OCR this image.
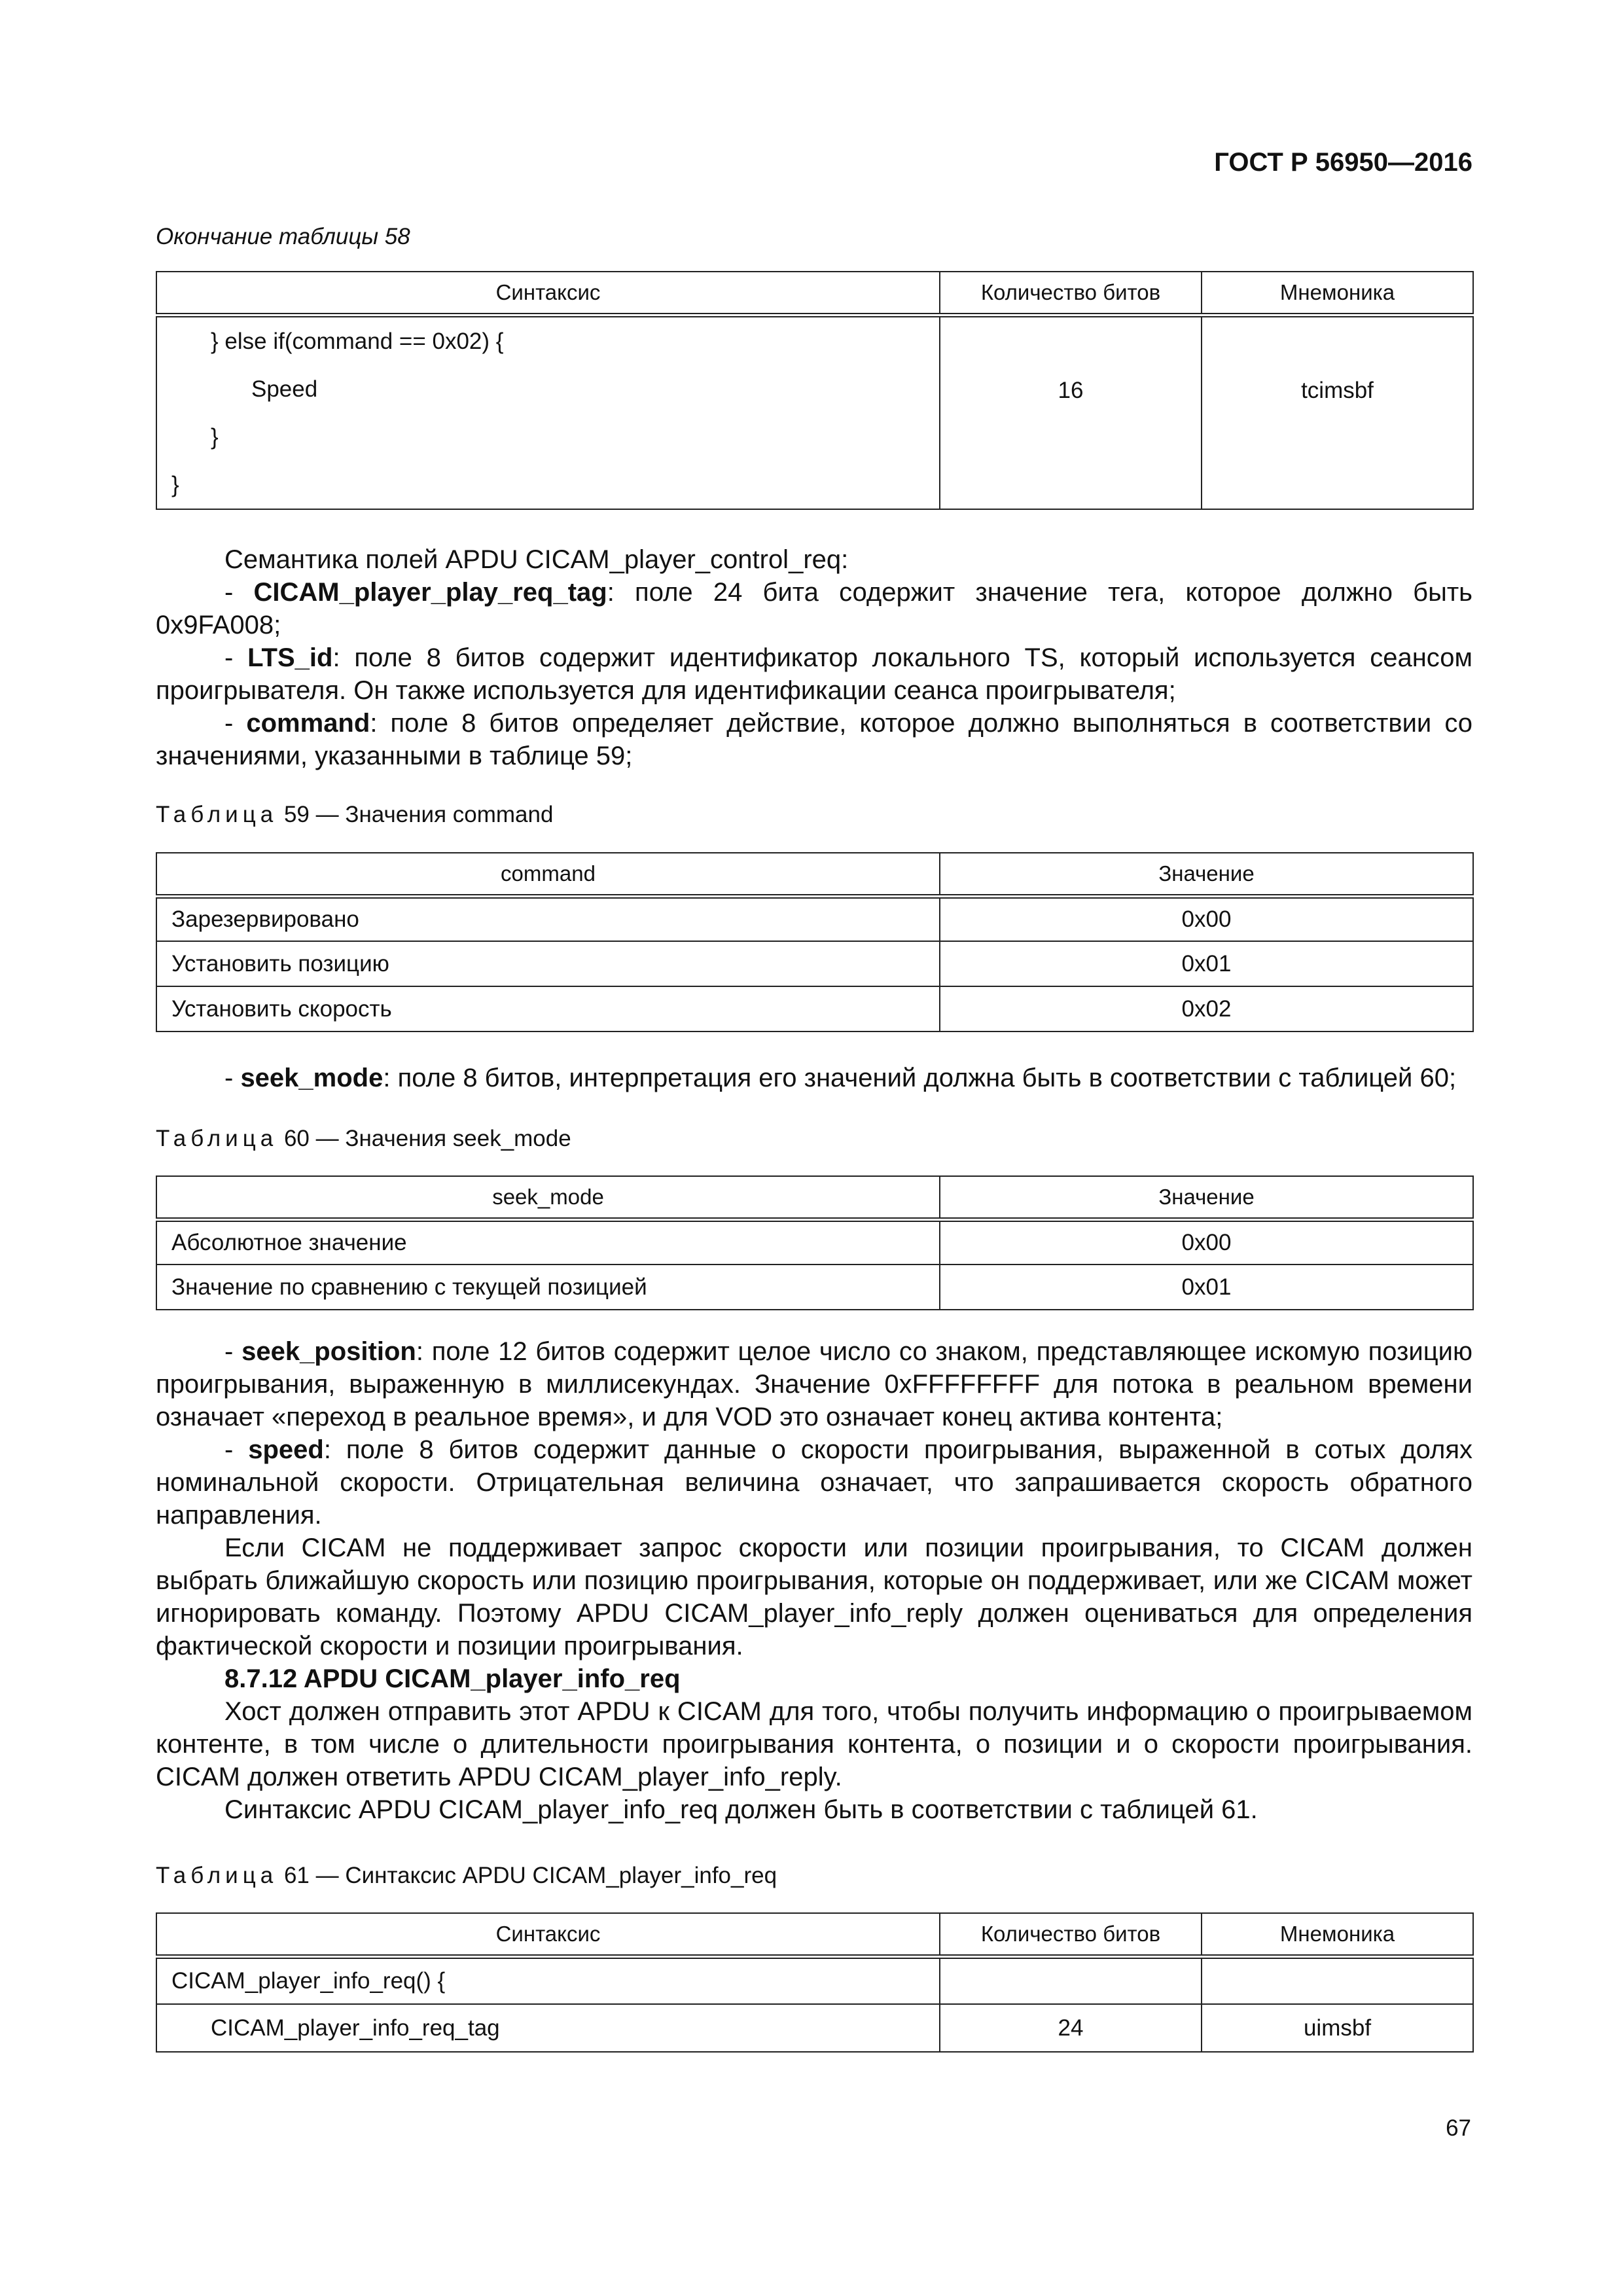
ГОСТ Р 56950—2016
Окончание таблицы 58
Синтаксис	Количество битов	Мнемоника

} else if(command == 0x02) {
Speed
}
}	16	tcimsbf

Семантика полей APDU CICAM_player_control_req:

- CICAM_player_play_req_tag: поле 24 бита содержит значение тега, которое должно быть 0x9FA008;

- LTS_id: поле 8 битов содержит идентификатор локального TS, который используется сеансом проигрывателя. Он также используется для идентификации сеанса проигрывателя;

- command: поле 8 битов определяет действие, которое должно выполняться в соответствии со значениями, указанными в таблице 59;

Таблица 59 — Значения command
command	Значение
Зарезервировано	0x00
Установить позицию	0x01
Установить скорость	0x02

- seek_mode: поле 8 битов, интерпретация его значений должна быть в соответствии с таблицей 60;

Таблица 60 — Значения seek_mode
seek_mode	Значение
Абсолютное значение	0x00
Значение по сравнению с текущей позицией	0x01

- seek_position: поле 12 битов содержит целое число со знаком, представляющее искомую позицию проигрывания, выраженную в миллисекундах. Значение 0xFFFFFFFF для потока в реальном времени означает «переход в реальное время», и для VOD это означает конец актива контента;

- speed: поле 8 битов содержит данные о скорости проигрывания, выраженной в сотых долях номинальной скорости. Отрицательная величина означает, что запрашивается скорость обратного направления.

Если CICAM не поддерживает запрос скорости или позиции проигрывания, то CICAM должен выбрать ближайшую скорость или позицию проигрывания, которые он поддерживает, или же CICAM может игнорировать команду. Поэтому APDU CICAM_player_info_reply должен оцениваться для определения фактической скорости и позиции проигрывания.

8.7.12 APDU CICAM_player_info_req

Хост должен отправить этот APDU к CICAM для того, чтобы получить информацию о проигрываемом контенте, в том числе о длительности проигрывания контента, о позиции и о скорости проигрывания. CICAM должен ответить APDU CICAM_player_info_reply.

Синтаксис APDU CICAM_player_info_req должен быть в соответствии с таблицей 61.

Таблица 61 — Синтаксис APDU CICAM_player_info_req
Синтаксис	Количество битов	Мнемоника
CICAM_player_info_req() {		
CICAM_player_info_req_tag	24	uimsbf
67
